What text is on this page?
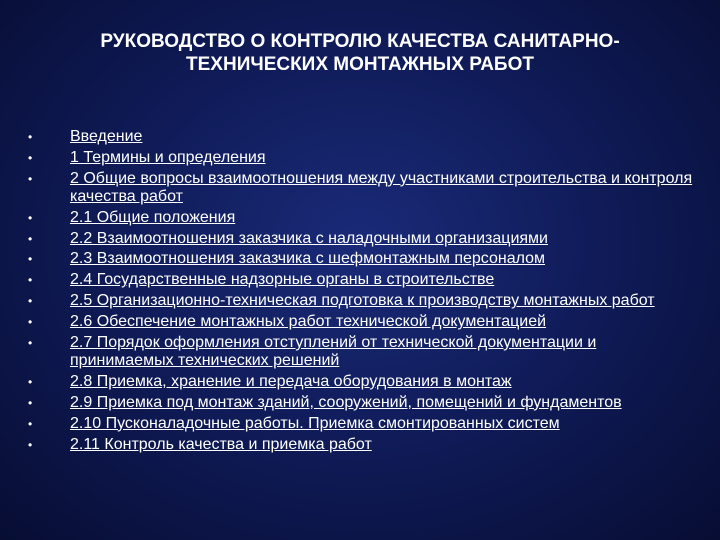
РУКОВОДСТВО О КОНТРОЛЮ КАЧЕСТВА САНИТАРНО-ТЕХНИЧЕСКИХ МОНТАЖНЫХ РАБОТ
•	Введение
•	1 Термины и определения
•	2 Общие вопросы взаимоотношения между участниками строительства и контроля качества работ
•	2.1 Общие положения
•	2.2 Взаимоотношения заказчика с наладочными организациями
•	2.3 Взаимоотношения заказчика с шефмонтажным персоналом
•	2.4 Государственные надзорные органы в строительстве
•	2.5 Организационно-техническая подготовка к производству монтажных работ
•	2.6 Обеспечение монтажных работ технической документацией
•	2.7 Порядок оформления отступлений от технической документации и принимаемых технических решений
•	2.8 Приемка, хранение и передача оборудования в монтаж
•	2.9 Приемка под монтаж зданий, сооружений, помещений и фундаментов
•	2.10 Пусконаладочные работы. Приемка смонтированных систем
•	2.11 Контроль качества и приемка работ
